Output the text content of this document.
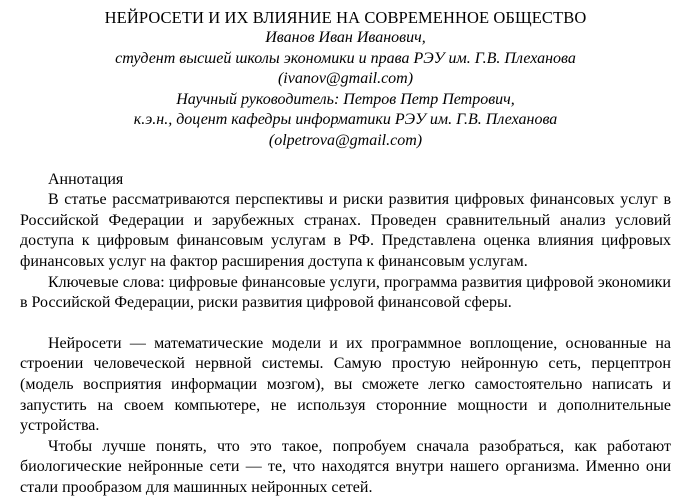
НЕЙРОСЕТИ И ИХ ВЛИЯНИЕ НА СОВРЕМЕННОЕ ОБЩЕСТВО
Иванов Иван Иванович,
студент высшей школы экономики и права РЭУ им. Г.В. Плеханова
(ivanov@gmail.com)
Научный руководитель: Петров Петр Петрович,
к.э.н., доцент кафедры информатики РЭУ им. Г.В. Плеханова
(olpetrova@gmail.com)

Аннотация

В статье рассматриваются перспективы и риски развития цифровых финансовых услуг в Российской Федерации и зарубежных странах. Проведен сравнительный анализ условий доступа к цифровым финансовым услугам в РФ. Представлена оценка влияния цифровых финансовых услуг на фактор расширения доступа к финансовым услугам.

Ключевые слова: цифровые финансовые услуги, программа развития цифровой экономики в Российской Федерации, риски развития цифровой финансовой сферы.

Нейросети — математические модели и их программное воплощение, основанные на строении человеческой нервной системы. Самую простую нейронную сеть, перцептрон (модель восприятия информации мозгом), вы сможете легко самостоятельно написать и запустить на своем компьютере, не используя сторонние мощности и дополнительные устройства.

Чтобы лучше понять, что это такое, попробуем сначала разобраться, как работают биологические нейронные сети — те, что находятся внутри нашего организма. Именно они стали прообразом для машинных нейронных сетей.
